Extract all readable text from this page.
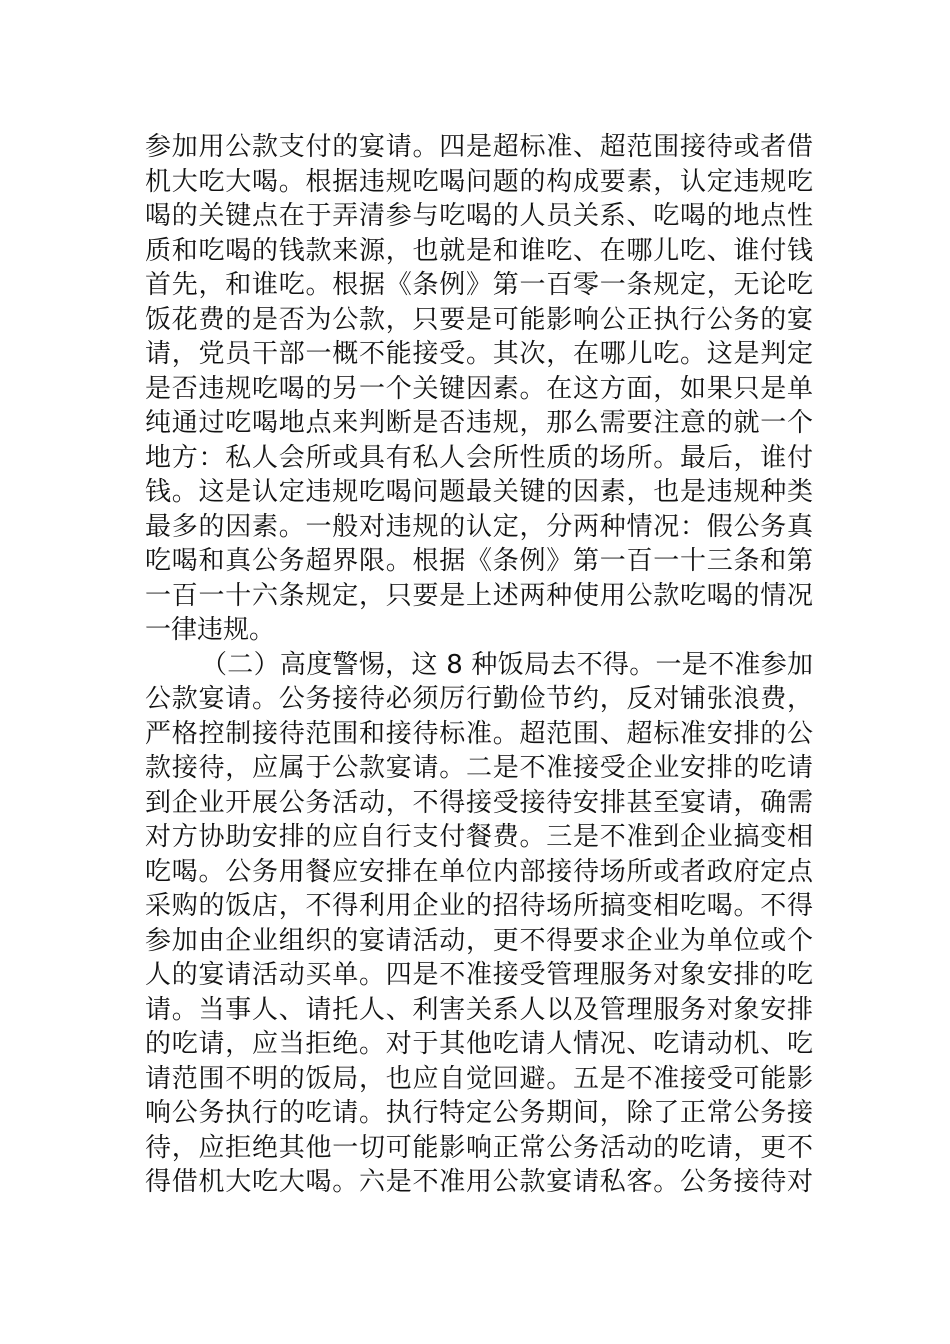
参加用公款支付的宴请。四是超标准、超范围接待或者借
机大吃大喝。根据违规吃喝问题的构成要素，认定违规吃
喝的关键点在于弄清参与吃喝的人员关系、吃喝的地点性
质和吃喝的钱款来源，也就是和谁吃、在哪儿吃、谁付钱
首先，和谁吃。根据《条例》第一百零一条规定，无论吃
饭花费的是否为公款，只要是可能影响公正执行公务的宴
请，党员干部一概不能接受。其次，在哪儿吃。这是判定
是否违规吃喝的另一个关键因素。在这方面，如果只是单
纯通过吃喝地点来判断是否违规，那么需要注意的就一个
地方：私人会所或具有私人会所性质的场所。最后，谁付
钱。这是认定违规吃喝问题最关键的因素，也是违规种类
最多的因素。一般对违规的认定，分两种情况：假公务真
吃喝和真公务超界限。根据《条例》第一百一十三条和第
一百一十六条规定，只要是上述两种使用公款吃喝的情况
一律违规。
（二）高度警惕，这 8 种饭局去不得。一是不准参加
公款宴请。公务接待必须厉行勤俭节约，反对铺张浪费，
严格控制接待范围和接待标准。超范围、超标准安排的公
款接待，应属于公款宴请。二是不准接受企业安排的吃请
到企业开展公务活动，不得接受接待安排甚至宴请，确需
对方协助安排的应自行支付餐费。三是不准到企业搞变相
吃喝。公务用餐应安排在单位内部接待场所或者政府定点
采购的饭店，不得利用企业的招待场所搞变相吃喝。不得
参加由企业组织的宴请活动，更不得要求企业为单位或个
人的宴请活动买单。四是不准接受管理服务对象安排的吃
请。当事人、请托人、利害关系人以及管理服务对象安排
的吃请，应当拒绝。对于其他吃请人情况、吃请动机、吃
请范围不明的饭局，也应自觉回避。五是不准接受可能影
响公务执行的吃请。执行特定公务期间，除了正常公务接
待，应拒绝其他一切可能影响正常公务活动的吃请，更不
得借机大吃大喝。六是不准用公款宴请私客。公务接待对
